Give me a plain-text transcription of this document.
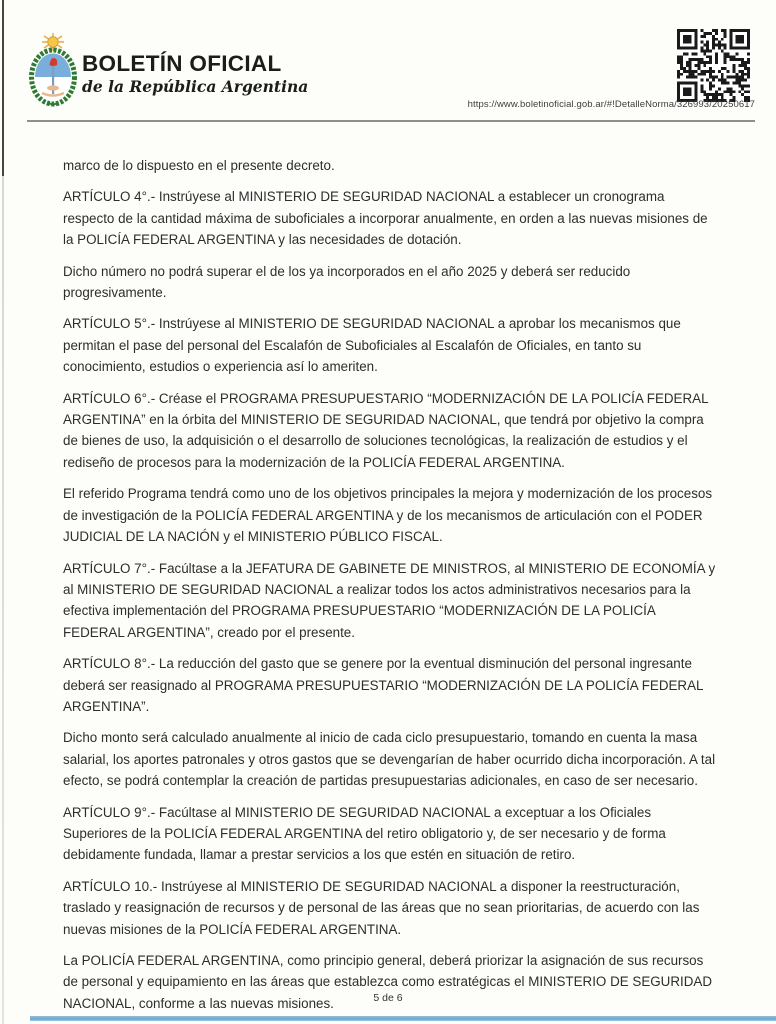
BOLETÍN OFICIAL
de la República Argentina
https://www.boletinoficial.gob.ar/#!DetalleNorma/326993/20250617

marco de lo dispuesto en el presente decreto.

ARTÍCULO 4°.- Instrúyese al MINISTERIO DE SEGURIDAD NACIONAL a establecer un cronograma respecto de la cantidad máxima de suboficiales a incorporar anualmente, en orden a las nuevas misiones de la POLICÍA FEDERAL ARGENTINA y las necesidades de dotación.

Dicho número no podrá superar el de los ya incorporados en el año 2025 y deberá ser reducido progresivamente.

ARTÍCULO 5°.- Instrúyese al MINISTERIO DE SEGURIDAD NACIONAL a aprobar los mecanismos que permitan el pase del personal del Escalafón de Suboficiales al Escalafón de Oficiales, en tanto su conocimiento, estudios o experiencia así lo ameriten.

ARTÍCULO 6°.- Créase el PROGRAMA PRESUPUESTARIO “MODERNIZACIÓN DE LA POLICÍA FEDERAL ARGENTINA” en la órbita del MINISTERIO DE SEGURIDAD NACIONAL, que tendrá por objetivo la compra de bienes de uso, la adquisición o el desarrollo de soluciones tecnológicas, la realización de estudios y el rediseño de procesos para la modernización de la POLICÍA FEDERAL ARGENTINA.

El referido Programa tendrá como uno de los objetivos principales la mejora y modernización de los procesos de investigación de la POLICÍA FEDERAL ARGENTINA y de los mecanismos de articulación con el PODER JUDICIAL DE LA NACIÓN y el MINISTERIO PÚBLICO FISCAL.

ARTÍCULO 7°.- Facúltase a la JEFATURA DE GABINETE DE MINISTROS, al MINISTERIO DE ECONOMÍA y al MINISTERIO DE SEGURIDAD NACIONAL a realizar todos los actos administrativos necesarios para la efectiva implementación del PROGRAMA PRESUPUESTARIO “MODERNIZACIÓN DE LA POLICÍA FEDERAL ARGENTINA”, creado por el presente.

ARTÍCULO 8°.- La reducción del gasto que se genere por la eventual disminución del personal ingresante deberá ser reasignado al PROGRAMA PRESUPUESTARIO “MODERNIZACIÓN DE LA POLICÍA FEDERAL ARGENTINA”.

Dicho monto será calculado anualmente al inicio de cada ciclo presupuestario, tomando en cuenta la masa salarial, los aportes patronales y otros gastos que se devengarían de haber ocurrido dicha incorporación. A tal efecto, se podrá contemplar la creación de partidas presupuestarias adicionales, en caso de ser necesario.

ARTÍCULO 9°.- Facúltase al MINISTERIO DE SEGURIDAD NACIONAL a exceptuar a los Oficiales Superiores de la POLICÍA FEDERAL ARGENTINA del retiro obligatorio y, de ser necesario y de forma debidamente fundada, llamar a prestar servicios a los que estén en situación de retiro.

ARTÍCULO 10.- Instrúyese al MINISTERIO DE SEGURIDAD NACIONAL a disponer la reestructuración, traslado y reasignación de recursos y de personal de las áreas que no sean prioritarias, de acuerdo con las nuevas misiones de la POLICÍA FEDERAL ARGENTINA.

La POLICÍA FEDERAL ARGENTINA, como principio general, deberá priorizar la asignación de sus recursos de personal y equipamiento en las áreas que establezca como estratégicas el MINISTERIO DE SEGURIDAD NACIONAL, conforme a las nuevas misiones.	5 de 6
